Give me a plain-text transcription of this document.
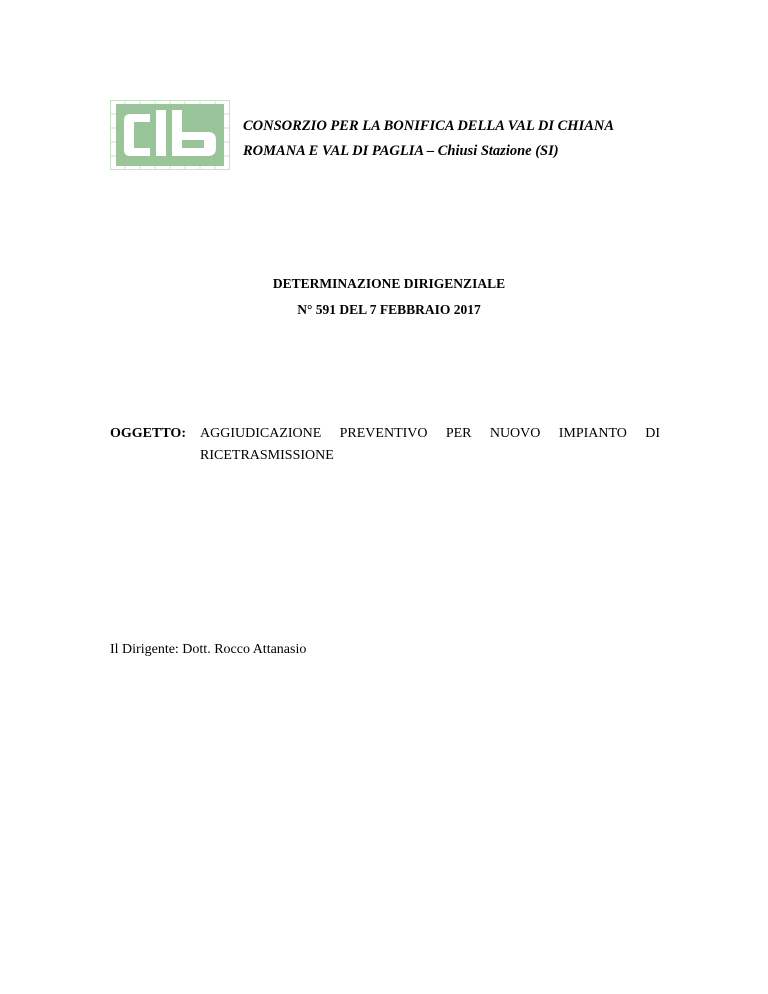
CONSORZIO PER LA BONIFICA DELLA VAL DI CHIANA
ROMANA E VAL DI PAGLIA – Chiusi Stazione (SI)
DETERMINAZIONE DIRIGENZIALE
N° 591 DEL 7 FEBBRAIO 2017
OGGETTO: AGGIUDICAZIONE PREVENTIVO PER NUOVO IMPIANTO DI
RICETRASMISSIONE
Il Dirigente: Dott. Rocco Attanasio
